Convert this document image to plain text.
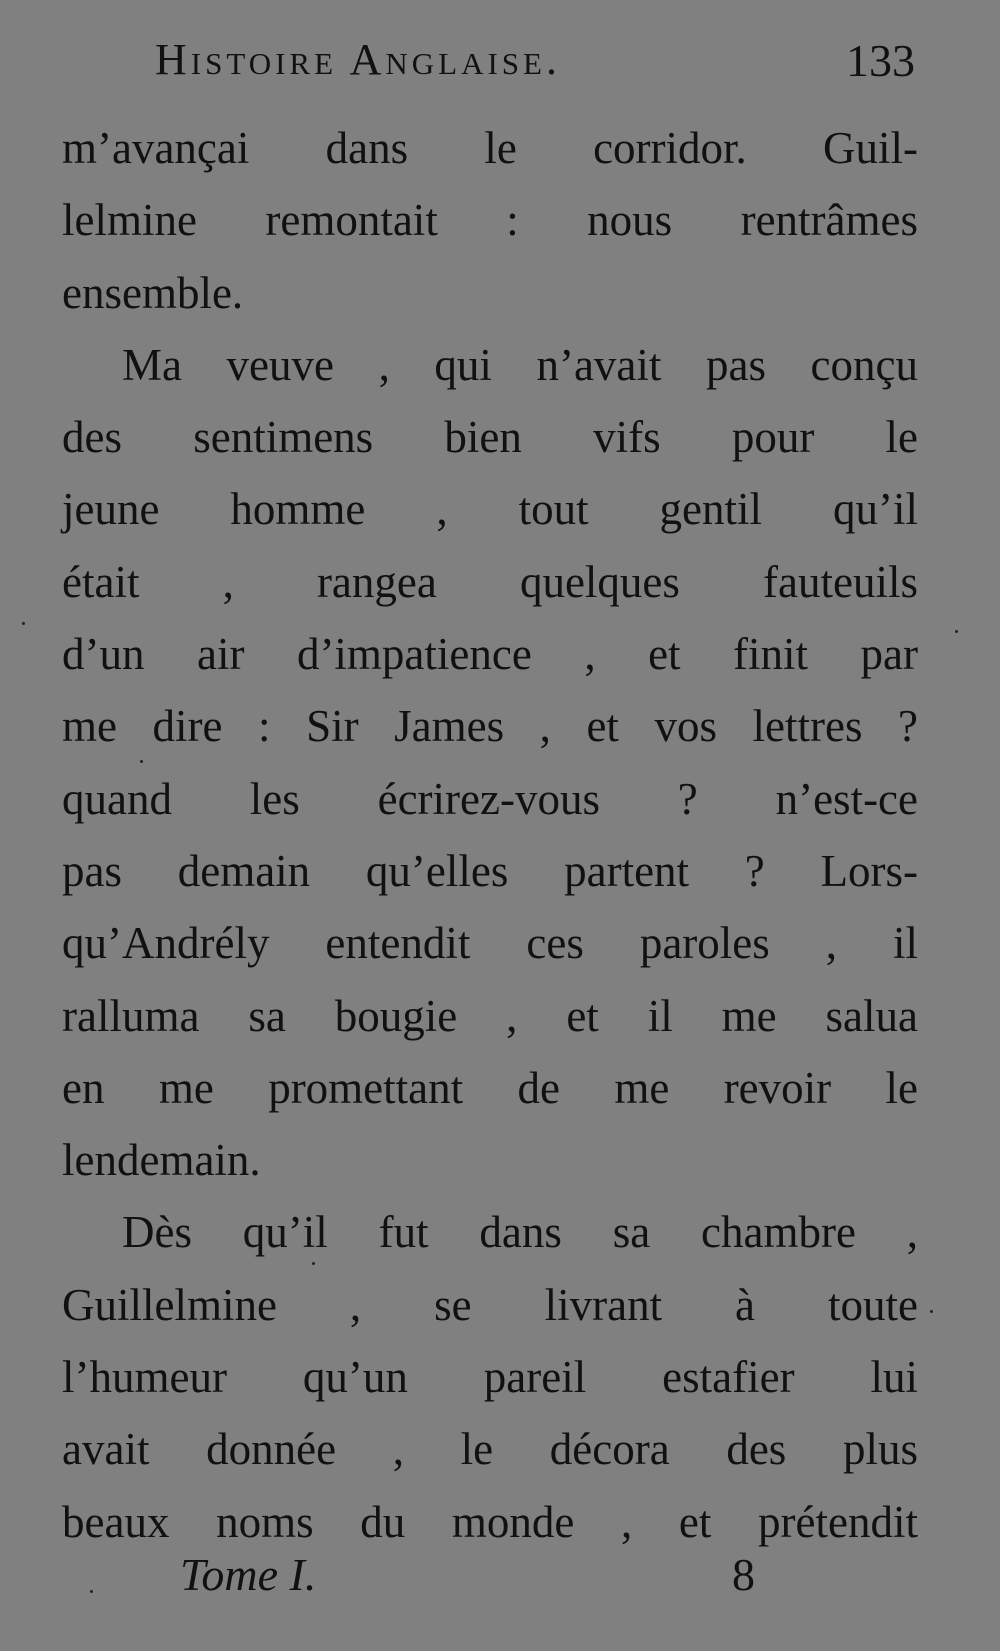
Histoire Anglaise.	133
m’avançai dans le corridor. Guil-
lelmine remontait : nous rentrâmes
ensemble.
Ma veuve , qui n’avait pas conçu
des sentimens bien vifs pour le
jeune homme , tout gentil qu’il
était , rangea quelques fauteuils
d’un air d’impatience , et finit par
me dire : Sir James , et vos lettres ?
quand les écrirez-vous ? n’est-ce
pas demain qu’elles partent ? Lors-
qu’Andrély entendit ces paroles , il
ralluma sa bougie , et il me salua
en me promettant de me revoir le
lendemain.
Dès qu’il fut dans sa chambre ,
Guillelmine , se livrant à toute
l’humeur qu’un pareil estafier lui
avait donnée , le décora des plus
beaux noms du monde , et prétendit
Tome I.	8
